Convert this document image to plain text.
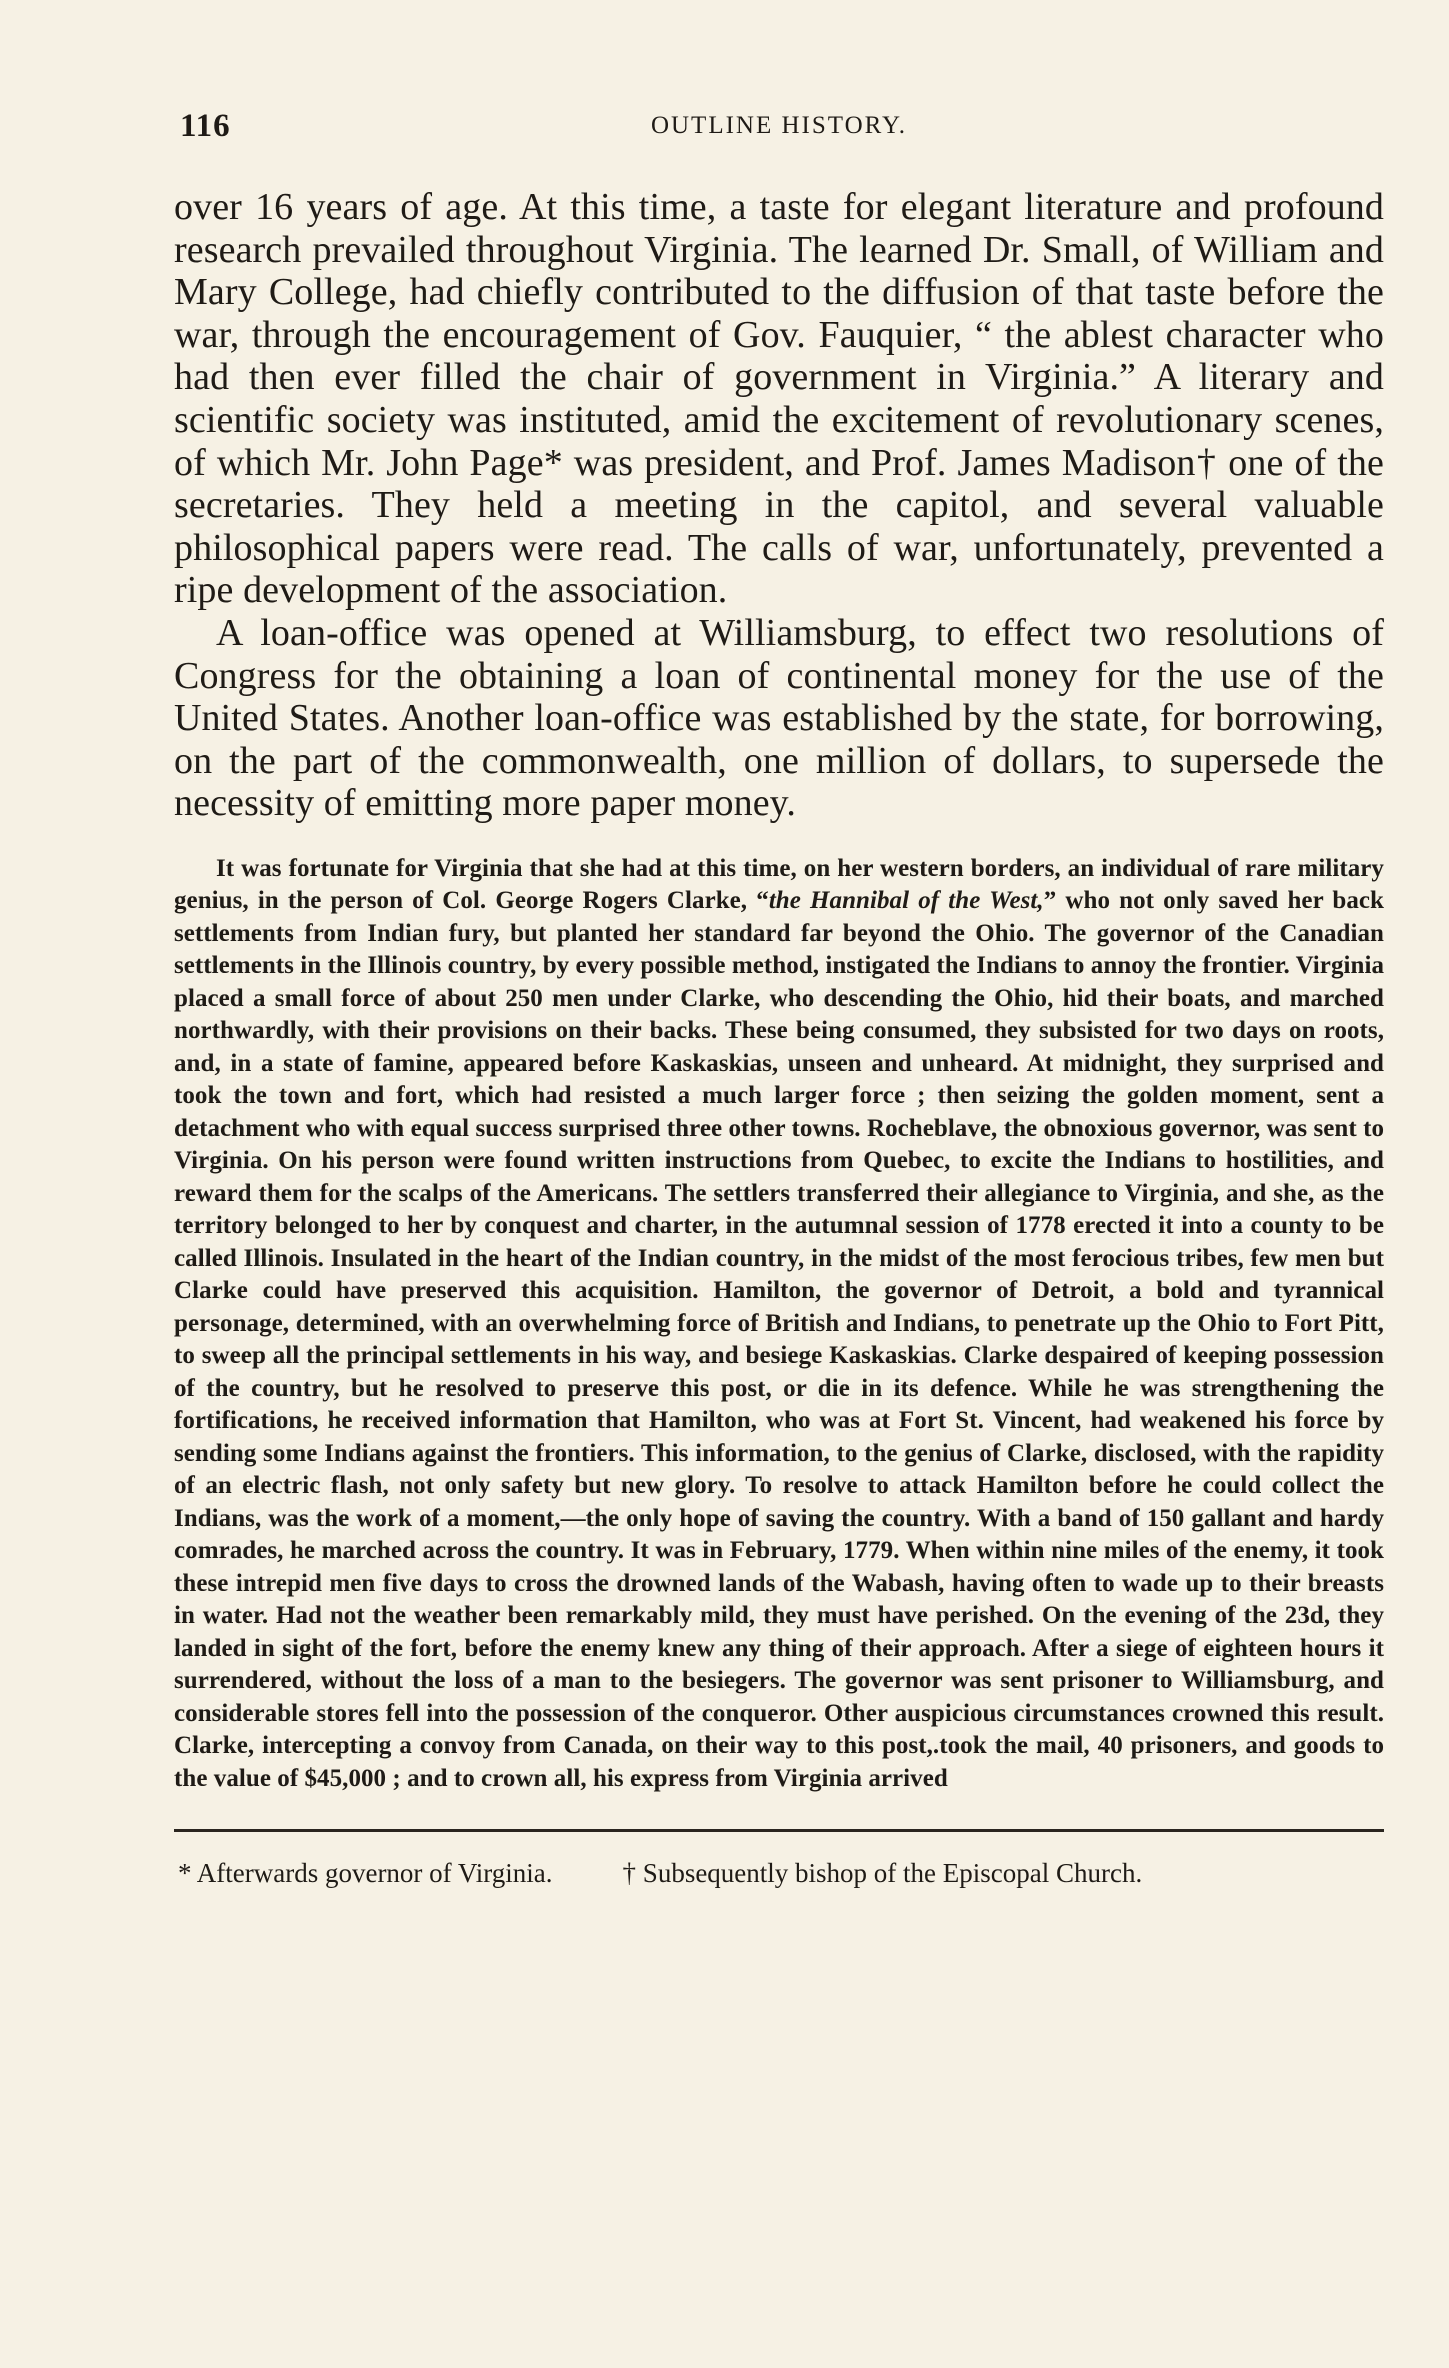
116	OUTLINE HISTORY.

over 16 years of age. At this time, a taste for elegant literature and profound research prevailed throughout Virginia. The learned Dr. Small, of William and Mary College, had chiefly contributed to the diffusion of that taste before the war, through the encouragement of Gov. Fauquier, “ the ablest character who had then ever filled the chair of government in Virginia.” A literary and scientific society was instituted, amid the excitement of revolutionary scenes, of which Mr. John Page* was president, and Prof. James Madison† one of the secretaries. They held a meeting in the capitol, and several valuable philosophical papers were read. The calls of war, unfortunately, prevented a ripe development of the association.

A loan-office was opened at Williamsburg, to effect two resolutions of Congress for the obtaining a loan of continental money for the use of the United States. Another loan-office was established by the state, for borrowing, on the part of the commonwealth, one million of dollars, to supersede the necessity of emitting more paper money.

It was fortunate for Virginia that she had at this time, on her western borders, an individual of rare military genius, in the person of Col. George Rogers Clarke, “the Hannibal of the West,” who not only saved her back settlements from Indian fury, but planted her standard far beyond the Ohio. The governor of the Canadian settlements in the Illinois country, by every possible method, instigated the Indians to annoy the frontier. Virginia placed a small force of about 250 men under Clarke, who descending the Ohio, hid their boats, and marched northwardly, with their provisions on their backs. These being consumed, they subsisted for two days on roots, and, in a state of famine, appeared before Kaskaskias, unseen and unheard. At midnight, they surprised and took the town and fort, which had resisted a much larger force ; then seizing the golden moment, sent a detachment who with equal success surprised three other towns. Rocheblave, the obnoxious governor, was sent to Virginia. On his person were found written instructions from Quebec, to excite the Indians to hostilities, and reward them for the scalps of the Americans. The settlers transferred their allegiance to Virginia, and she, as the territory belonged to her by conquest and charter, in the autumnal session of 1778 erected it into a county to be called Illinois. Insulated in the heart of the Indian country, in the midst of the most ferocious tribes, few men but Clarke could have preserved this acquisition. Hamilton, the governor of Detroit, a bold and tyrannical personage, determined, with an overwhelming force of British and Indians, to penetrate up the Ohio to Fort Pitt, to sweep all the principal settlements in his way, and besiege Kaskaskias. Clarke despaired of keeping possession of the country, but he resolved to preserve this post, or die in its defence. While he was strengthening the fortifications, he received information that Hamilton, who was at Fort St. Vincent, had weakened his force by sending some Indians against the frontiers. This information, to the genius of Clarke, disclosed, with the rapidity of an electric flash, not only safety but new glory. To resolve to attack Hamilton before he could collect the Indians, was the work of a moment,—the only hope of saving the country. With a band of 150 gallant and hardy comrades, he marched across the country. It was in February, 1779. When within nine miles of the enemy, it took these intrepid men five days to cross the drowned lands of the Wabash, having often to wade up to their breasts in water. Had not the weather been remarkably mild, they must have perished. On the evening of the 23d, they landed in sight of the fort, before the enemy knew any thing of their approach. After a siege of eighteen hours it surrendered, without the loss of a man to the besiegers. The governor was sent prisoner to Williamsburg, and considerable stores fell into the possession of the conqueror. Other auspicious circumstances crowned this result. Clarke, intercepting a convoy from Canada, on their way to this post,.took the mail, 40 prisoners, and goods to the value of $45,000 ; and to crown all, his express from Virginia arrived

* Afterwards governor of Virginia.	† Subsequently bishop of the Episcopal Church.
